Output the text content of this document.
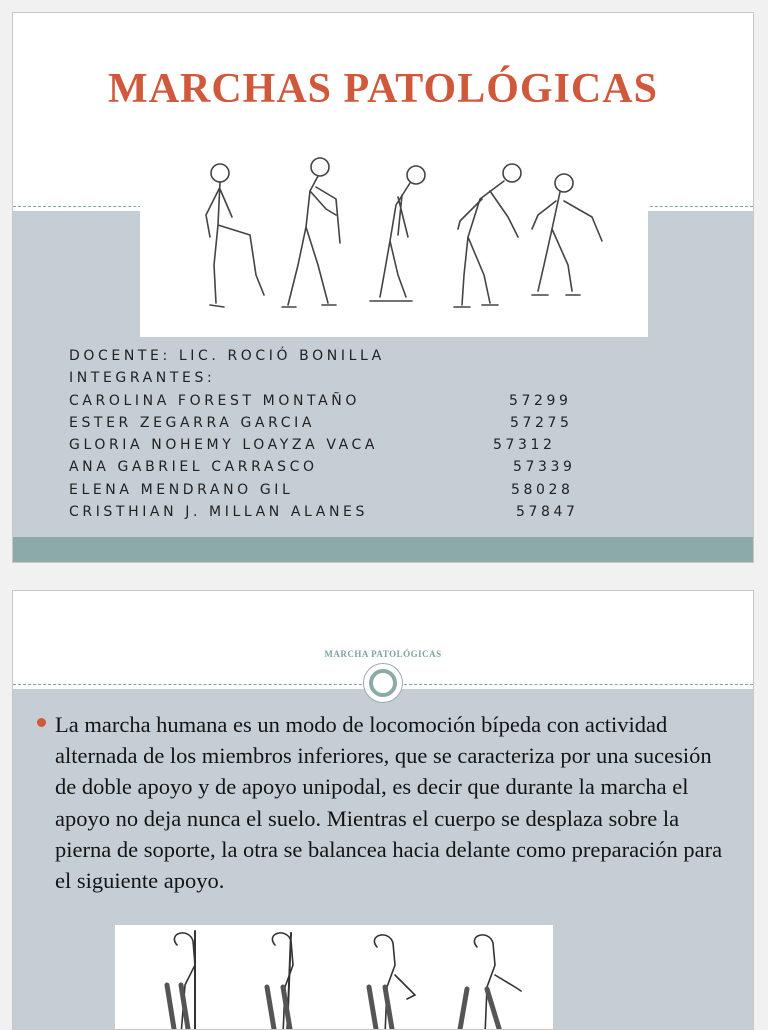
MARCHAS PATOLÓGICAS
DOCENTE: LIC. ROCIÓ BONILLA
INTEGRANTES:
CAROLINA FOREST MONTAÑO	57299
ESTER ZEGARRA GARCIA	57275
GLORIA NOHEMY LOAYZA VACA	57312
ANA GABRIEL CARRASCO	57339
ELENA MENDRANO GIL	58028
CRISTHIAN J. MILLAN ALANES	57847
MARCHA PATOLÓGICAS

La marcha humana es un modo de locomoción bípeda con actividad alternada de los miembros inferiores, que se caracteriza por una sucesión de doble apoyo y de apoyo unipodal, es decir que durante la marcha el apoyo no deja nunca el suelo. Mientras el cuerpo se desplaza sobre la pierna de soporte, la otra se balancea hacia delante como preparación para el siguiente apoyo.
